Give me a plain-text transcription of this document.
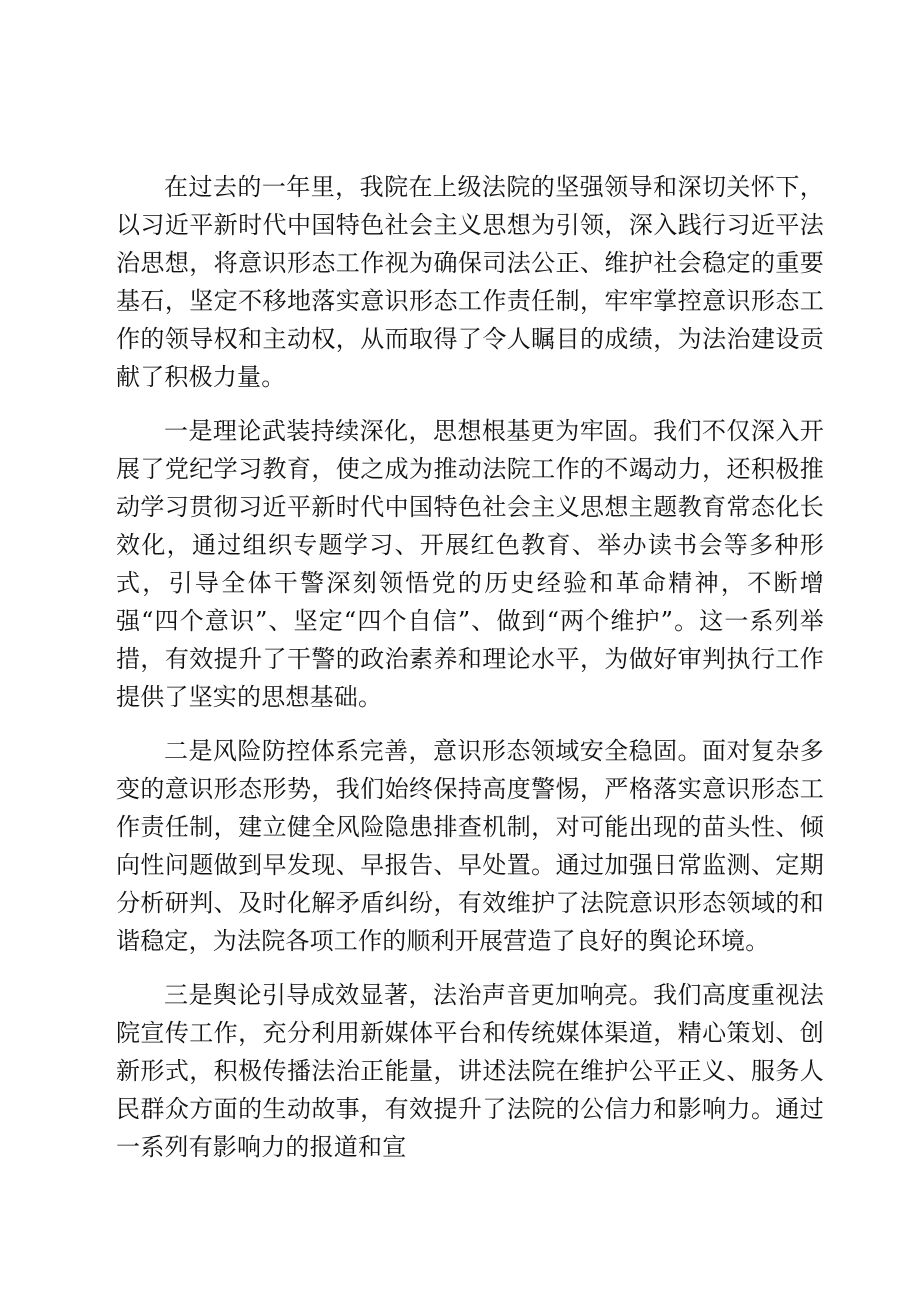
在过去的一年里，我院在上级法院的坚强领导和深切关怀下，以习近平新时代中国特色社会主义思想为引领，深入践行习近平法治思想，将意识形态工作视为确保司法公正、维护社会稳定的重要基石，坚定不移地落实意识形态工作责任制，牢牢掌控意识形态工作的领导权和主动权，从而取得了令人瞩目的成绩，为法治建设贡献了积极力量。

一是理论武装持续深化，思想根基更为牢固。我们不仅深入开展了党纪学习教育，使之成为推动法院工作的不竭动力，还积极推动学习贯彻习近平新时代中国特色社会主义思想主题教育常态化长效化，通过组织专题学习、开展红色教育、举办读书会等多种形式，引导全体干警深刻领悟党的历史经验和革命精神，不断增强“四个意识”、坚定“四个自信”、做到“两个维护”。这一系列举措，有效提升了干警的政治素养和理论水平，为做好审判执行工作提供了坚实的思想基础。

二是风险防控体系完善，意识形态领域安全稳固。面对复杂多变的意识形态形势，我们始终保持高度警惕，严格落实意识形态工作责任制，建立健全风险隐患排查机制，对可能出现的苗头性、倾向性问题做到早发现、早报告、早处置。通过加强日常监测、定期分析研判、及时化解矛盾纠纷，有效维护了法院意识形态领域的和谐稳定，为法院各项工作的顺利开展营造了良好的舆论环境。

三是舆论引导成效显著，法治声音更加响亮。我们高度重视法院宣传工作，充分利用新媒体平台和传统媒体渠道，精心策划、创新形式，积极传播法治正能量，讲述法院在维护公平正义、服务人民群众方面的生动故事，有效提升了法院的公信力和影响力。通过一系列有影响力的报道和宣
